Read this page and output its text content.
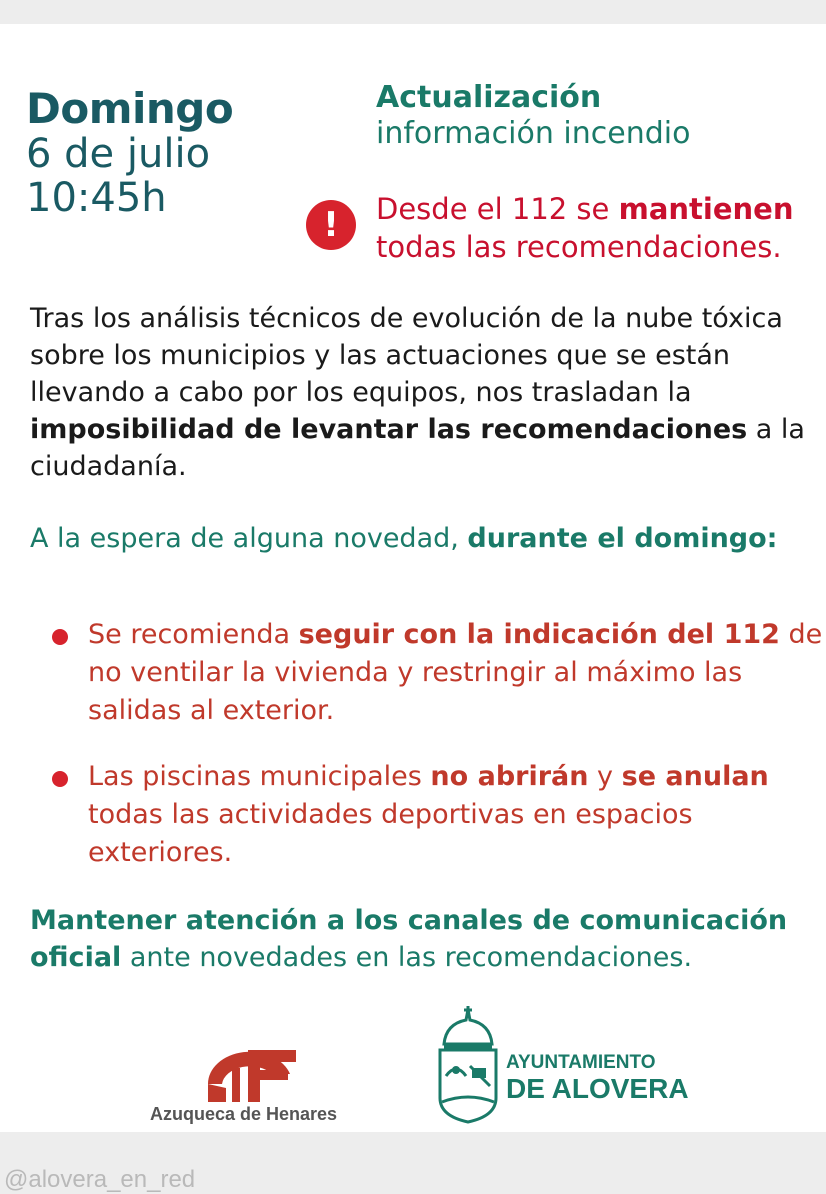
Domingo
6 de julio
10:45h
Actualización
información incendio
!	Desde el 112 se mantienen
todas las recomendaciones.
Tras los análisis técnicos de evolución de la nube tóxica sobre los municipios y las actuaciones que se están llevando a cabo por los equipos, nos trasladan la imposibilidad de levantar las recomendaciones a la ciudadanía.
A la espera de alguna novedad, durante el domingo:
Se recomienda seguir con la indicación del 112 de no ventilar la vivienda y restringir al máximo las salidas al exterior.
Las piscinas municipales no abrirán y se anulan todas las actividades deportivas en espacios exteriores.
Mantener atención a los canales de comunicación oficial ante novedades en las recomendaciones.
Azuqueca de Henares
AYUNTAMIENTO
DE ALOVERA
@alovera_en_red
